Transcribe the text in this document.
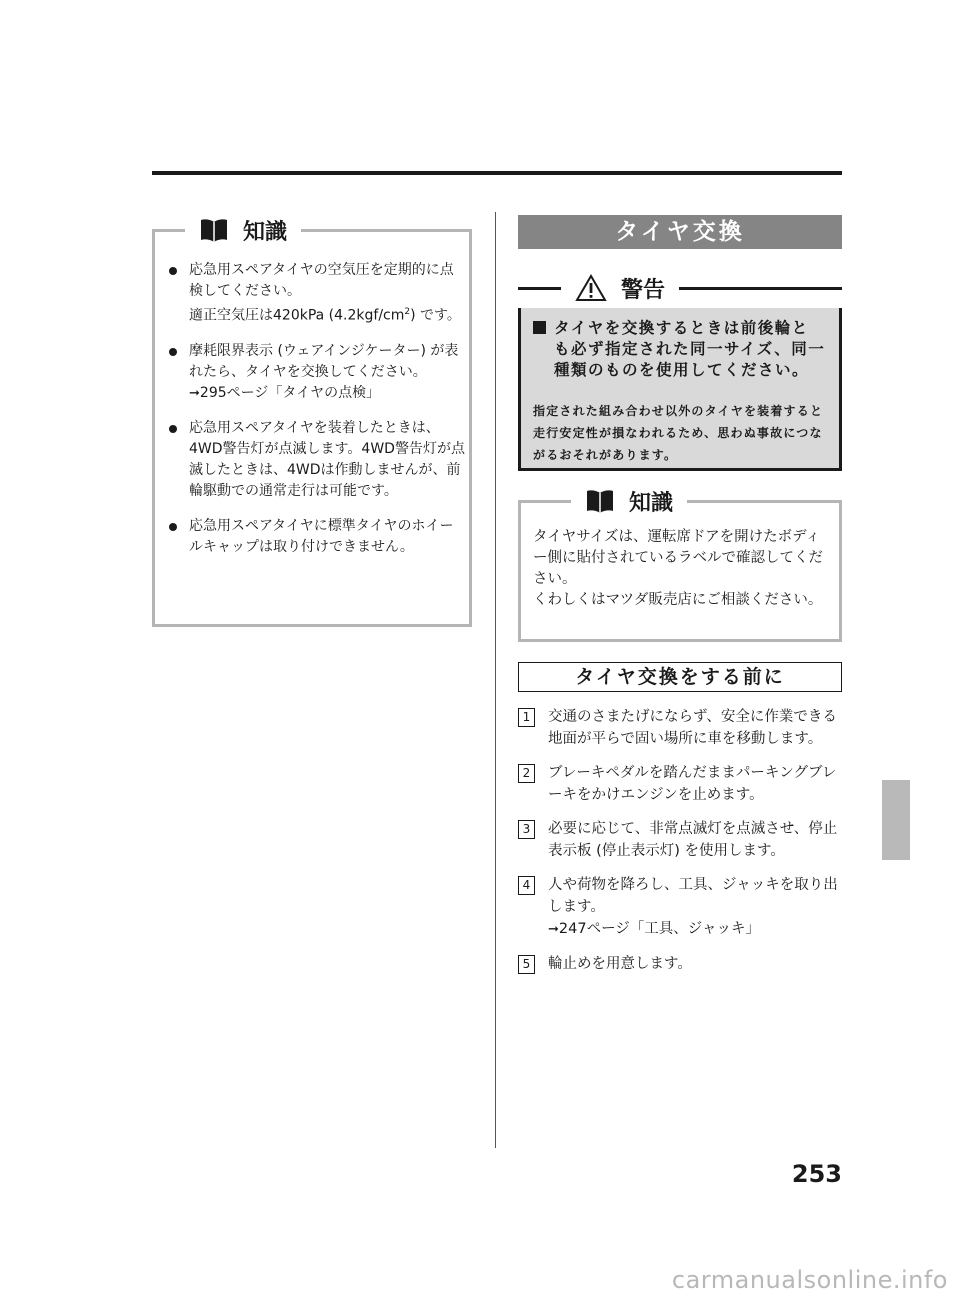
知識

応急用スペアタイヤの空気圧を定期的に点検してください。

適正空気圧は420kPa $(4.2kgf/cm^2)$ です。

摩耗限界表示 (ウェアインジケーター) が表れたら、タイヤを交換してください。

➞295ページ「タイヤの点検」

応急用スペアタイヤを装着したときは、4WD警告灯が点滅します。4WD警告灯が点滅したときは、4WDは作動しませんが、前輪駆動での通常走行は可能です。

応急用スペアタイヤに標準タイヤのホイールキャップは取り付けできません。

タイヤ交換
警告
タイヤを交換するときは前後輪と
も必ず指定された同一サイズ、同一種類のものを使用してください。
指定された組み合わせ以外のタイヤを装着すると走行安定性が損なわれるため、思わぬ事故につながるおそれがあります。
知識

タイヤサイズは、運転席ドアを開けたボディー側に貼付されているラベルで確認してください。

くわしくはマツダ販売店にご相談ください。

タイヤ交換をする前に
1	交通のさまたげにならず、安全に作業できる地面が平らで固い場所に車を移動します。

2	ブレーキペダルを踏んだままパーキングブレーキをかけエンジンを止めます。

3	必要に応じて、非常点滅灯を点滅させ、停止表示板 (停止表示灯) を使用します。

4	人や荷物を降ろし、工具、ジャッキを取り出します。

➞247ページ「工具、ジャッキ」

5	輪止めを用意します。

253
carmanualsonline.info
